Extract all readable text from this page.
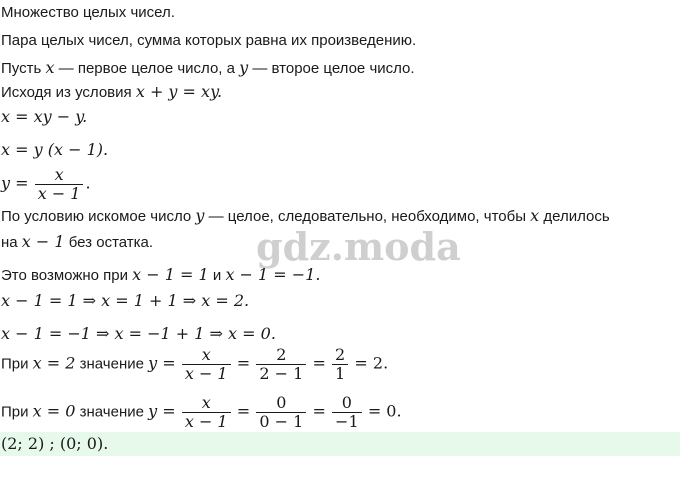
Множество целых чисел.
Пара целых чисел, сумма которых равна их произведению.
Пусть x — первое целое число, а y — второе целое число.
Исходя из условия x + y = xy.
x = xy − y.
x = y (x − 1).
$y = \frac{x}{x - 1}$ .
По условию искомое число y — целое, следовательно, необходимо, чтобы x делилось
на x − 1 без остатка.	gdz.moda
Это возможно при x − 1 = 1 и x − 1 = −1.
x − 1 = 1 ⇒ x = 1 + 1 ⇒ x = 2.
x − 1 = −1 ⇒ x = −1 + 1 ⇒ x = 0.
При x = 2 значение $y = \frac{x}{x - 1} = \frac{2}{2 - 1} = \frac{2}{1} = 2$.
При x = 0 значение $y = \frac{x}{x - 1} = \frac{0}{0 - 1} = \frac{0}{-1} = 0$.
(2; 2) ; (0; 0).
